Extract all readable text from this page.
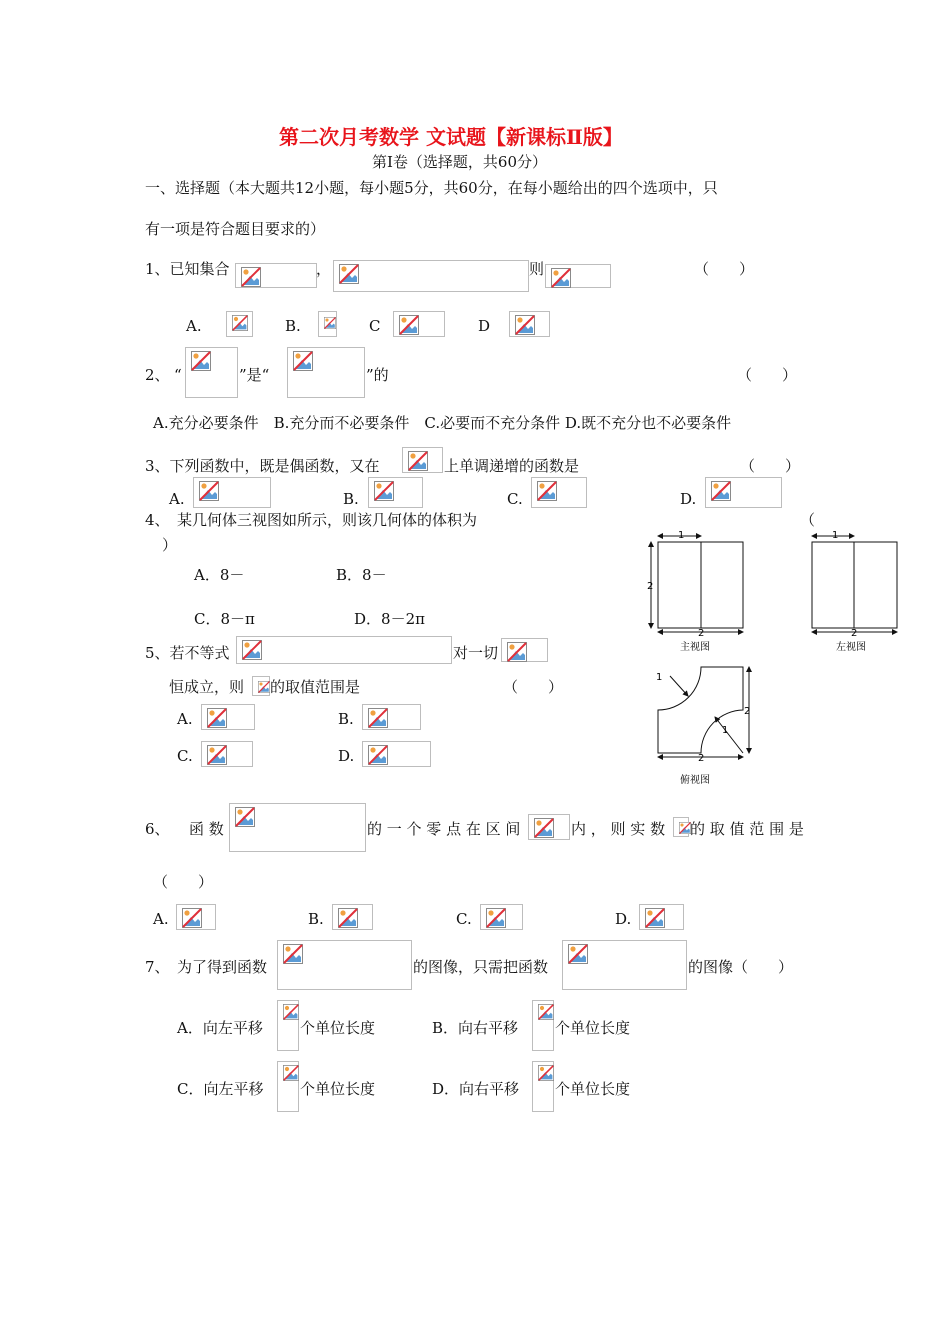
第二次月考数学 文试题【新课标Ⅱ版】
第Ⅰ卷（选择题，共60分）
一、选择题（本大题共12小题，每小题5分，共60分，在每小题给出的四个选项中，只
有一项是符合题目要求的）
1、已知集合	，	则	（　　）
A.	B.	C	D
2、 “	”是“	”的	（　　）
A.充分必要条件　B.充分而不必要条件　C.必要而不充分条件 D.既不充分也不必要条件
3、下列函数中，既是偶函数，又在	上单调递增的函数是	（　　）
A.	B.	C.	D.
4、　某几何体三视图如所示，则该几何体的体积为	（
）
A．8－	B．8－
C．8－π	D．8－2π
1
2
2
主视图
1
2
左视图
1
1
2
2
俯视图
5、若不等式	对一切
恒成立，则 的取值范围是	（　　）
A.	B.
C.	D.
6、 函 数	的 一 个 零 点 在 区 间	内 ， 则 实 数 的 取 值 范 围 是
（　　）
A.	B.	C.	D.
7、　为了得到函数	的图像，只需把函数	的图像（　　）
A．向左平移 个单位长度	B．向右平移 个单位长度
C．向左平移 个单位长度	D．向右平移 个单位长度
